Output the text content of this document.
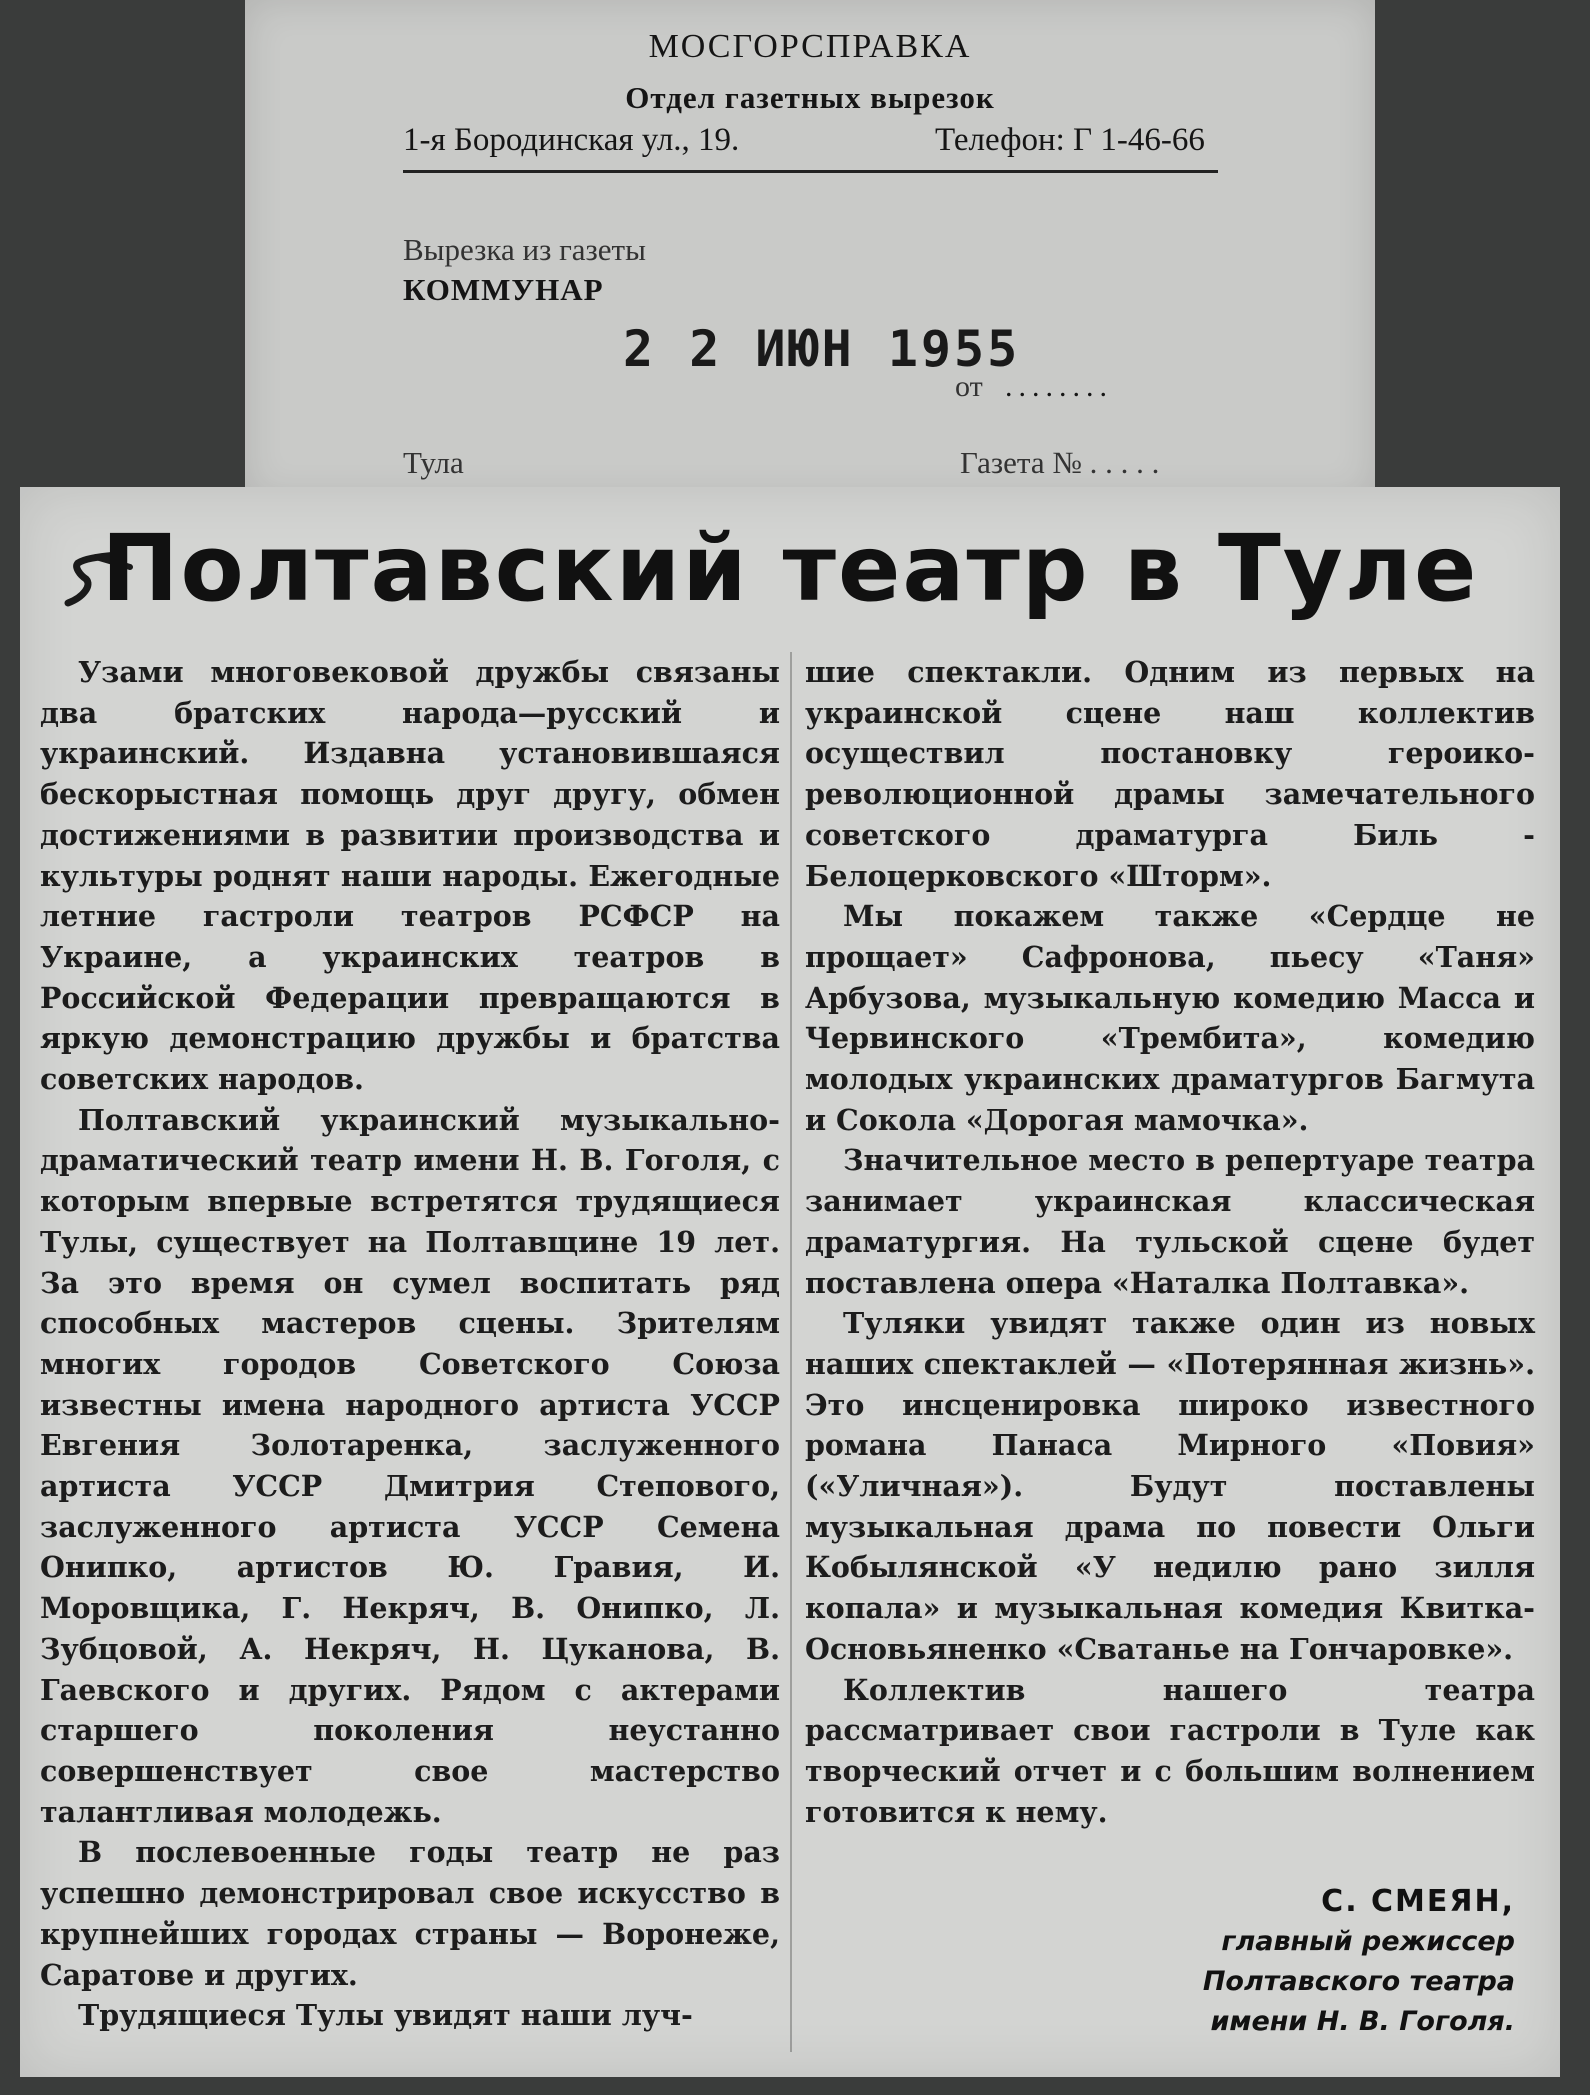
МОСГОРСПРАВКА
Отдел газетных вырезок
1-я Бородинская ул., 19.	Телефон: Г 1-46-66
Вырезка из газеты
КОММУНАР
2 2 ИЮН 1955
от ........
Тула	Газета № . . . . .
Полтавский театр в Туле

Узами многовековой дружбы связаны два братских народа—русский и украинский. Издавна установившаяся бескорыстная помощь друг другу, обмен достижениями в развитии производства и культуры роднят наши народы. Ежегодные летние гастроли театров РСФСР на Украине, а украинских театров в Российской Федерации превращаются в яркую демонстрацию дружбы и братства советских народов.

Полтавский украинский музыкально-драматический театр имени Н. В. Гоголя, с которым впервые встретятся трудящиеся Тулы, существует на Полтавщине 19 лет. За это время он сумел воспитать ряд способных мастеров сцены. Зрителям многих городов Советского Союза известны имена народного артиста УССР Евгения Золотаренка, заслуженного артиста УССР Дмитрия Степового, заслуженного артиста УССР Семена Онипко, артистов Ю. Гравия, И. Моровщика, Г. Некряч, В. Онипко, Л. Зубцовой, А. Некряч, Н. Цуканова, В. Гаевского и других. Рядом с актерами старшего поколения неустанно совершенствует свое мастерство талантливая молодежь.

В послевоенные годы театр не раз успешно демонстрировал свое искусство в крупнейших городах страны — Воронеже, Саратове и других.

Трудящиеся Тулы увидят наши луч-

шие спектакли. Одним из первых на украинской сцене наш коллектив осуществил постановку героико-революционной драмы замечательного советского драматурга Биль - Белоцерковского «Шторм».

Мы покажем также «Сердце не прощает» Сафронова, пьесу «Таня» Арбузова, музыкальную комедию Масса и Червинского «Трембита», комедию молодых украинских драматургов Багмута и Сокола «Дорогая мамочка».

Значительное место в репертуаре театра занимает украинская классическая драматургия. На тульской сцене будет поставлена опера «Наталка Полтавка».

Туляки увидят также один из новых наших спектаклей — «Потерянная жизнь». Это инсценировка широко известного романа Панаса Мирного «Повия» («Уличная»). Будут поставлены музыкальная драма по повести Ольги Кобылянской «У недилю рано зилля копала» и музыкальная комедия Квитка-Основьяненко «Сватанье на Гончаровке».

Коллектив нашего театра рассматривает свои гастроли в Туле как творческий отчет и с большим волнением готовится к нему.

С. СМЕЯН,
главный режиссер
Полтавского театра
имени Н. В. Гоголя.
